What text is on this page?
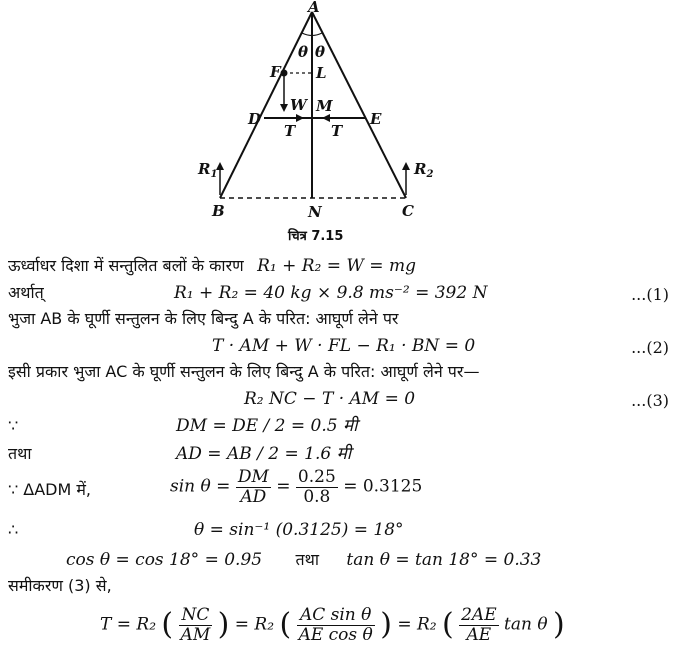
A
θ θ
F L
W M
D	E
T T
$R_1$	$R_2$
B	N	C
चित्र 7.15
ऊर्ध्वाधर दिशा में सन्तुलित बलों के कारण R₁ + R₂ = W = mg
अर्थात्	R₁ + R₂ = 40 kg × 9.8 ms⁻² = 392 N	...(1)
भुजा AB के घूर्णी सन्तुलन के लिए बिन्दु A के परित: आघूर्ण लेने पर
T · AM + W · FL − R₁ · BN = 0	...(2)
इसी प्रकार भुजा AC के घूर्णी सन्तुलन के लिए बिन्दु A के परित: आघूर्ण लेने पर—
R₂ NC − T · AM = 0	...(3)
∵	DM = DE / 2 = 0.5 मी
तथा	AD = AB / 2 = 1.6 मी
∵ ΔADM में,	$\sin \theta = \frac{DM}{AD} = \frac{0.25}{0.8} = 0.3125$
∴	θ = sin⁻¹ (0.3125) = 18°
cos θ = cos 18° = 0.95 तथा tan θ = tan 18° = 0.33
समीकरण (3) से,
T = R₂ ( $\frac{NC}{AM}$ ) = R₂ ( $\frac{\text{AC sin θ}}{\text{AE cos θ}}$ ) = R₂ ( $\frac{2AE}{AE}$ tan θ )
